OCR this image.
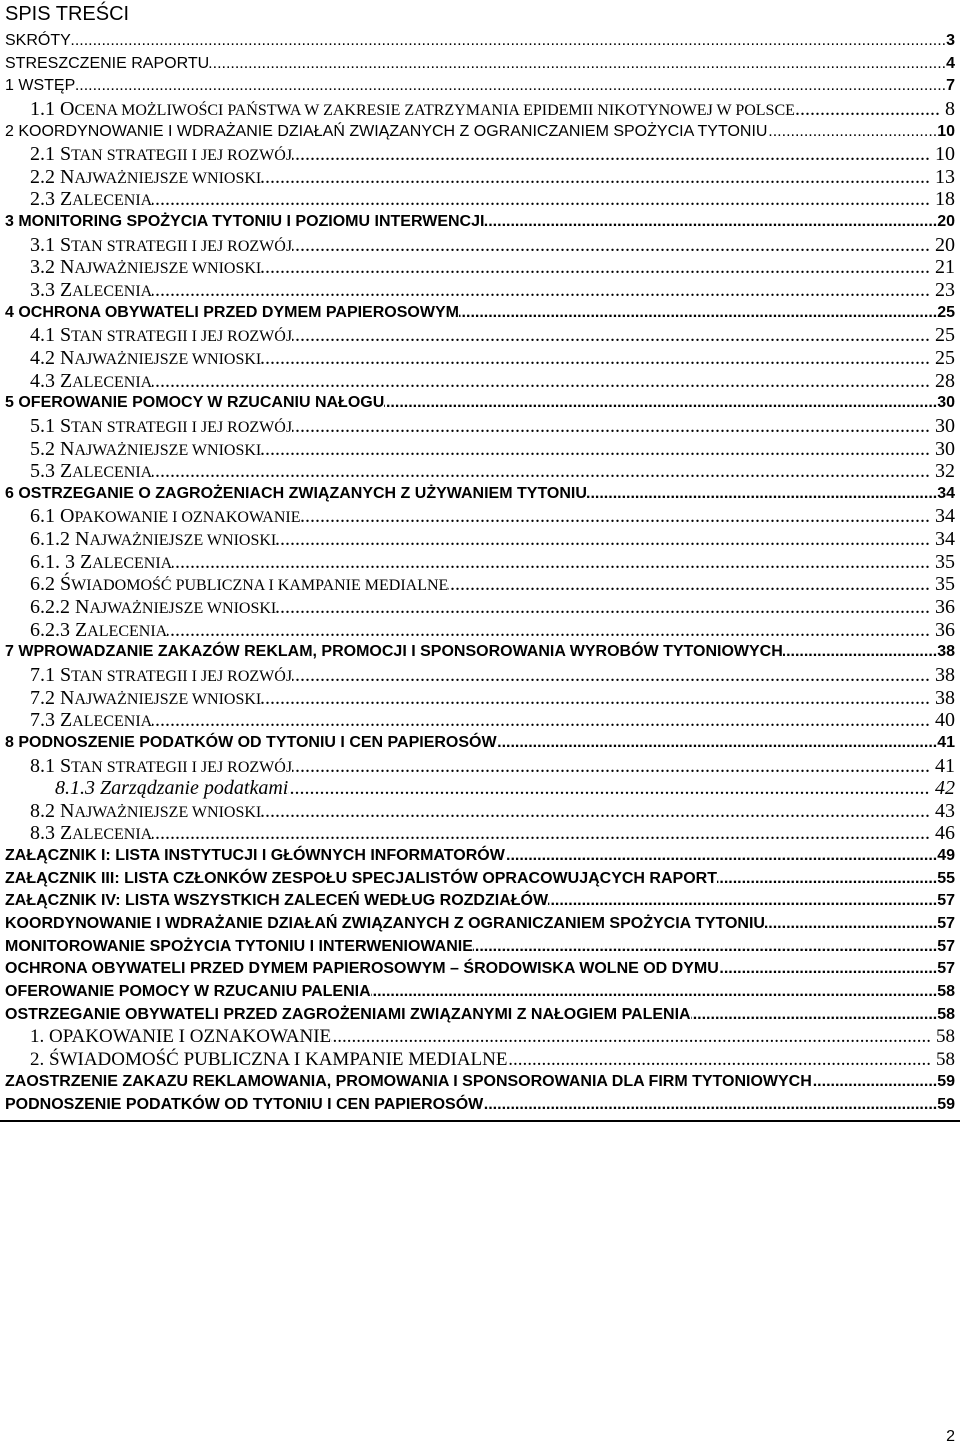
SPIS TREŚCI
SKRÓTY .....	3
STRESZCZENIE RAPORTU .....	4
1 WSTĘP .....	7
1.1 OCENA MOŻLIWOŚCI PAŃSTWA W ZAKRESIE ZATRZYMANIA EPIDEMII NIKOTYNOWEJ W POLSCE .....	8
2 KOORDYNOWANIE I WDRAŻANIE DZIAŁAŃ ZWIĄZANYCH Z OGRANICZANIEM SPOŻYCIA TYTONIU .....	10
2.1 STAN STRATEGII I JEJ ROZWÓJ .....	10
2.2 NAJWAŻNIEJSZE WNIOSKI .....	13
2.3 ZALECENIA .....	18
3 MONITORING SPOŻYCIA TYTONIU I POZIOMU INTERWENCJI .....	20
3.1 STAN STRATEGII I JEJ ROZWÓJ .....	20
3.2 NAJWAŻNIEJSZE WNIOSKI .....	21
3.3 ZALECENIA .....	23
4 OCHRONA OBYWATELI PRZED DYMEM PAPIEROSOWYM .....	25
4.1 STAN STRATEGII I JEJ ROZWÓJ .....	25
4.2 NAJWAŻNIEJSZE WNIOSKI .....	25
4.3 ZALECENIA .....	28
5 OFEROWANIE POMOCY W RZUCANIU NAŁOGU .....	30
5.1 STAN STRATEGII I JEJ ROZWÓJ .....	30
5.2 NAJWAŻNIEJSZE WNIOSKI .....	30
5.3 ZALECENIA .....	32
6 OSTRZEGANIE O ZAGROŻENIACH ZWIĄZANYCH Z UŻYWANIEM TYTONIU .....	34
6.1 OPAKOWANIE I OZNAKOWANIE .....	34
6.1.2 NAJWAŻNIEJSZE WNIOSKI .....	34
6.1. 3 ZALECENIA .....	35
6.2 ŚWIADOMOŚĆ PUBLICZNA I KAMPANIE MEDIALNE .....	35
6.2.2 NAJWAŻNIEJSZE WNIOSKI .....	36
6.2.3 ZALECENIA .....	36
7 WPROWADZANIE ZAKAZÓW REKLAM, PROMOCJI I SPONSOROWANIA WYROBÓW TYTONIOWYCH .....	38
7.1 STAN STRATEGII I JEJ ROZWÓJ .....	38
7.2 NAJWAŻNIEJSZE WNIOSKI .....	38
7.3 ZALECENIA .....	40
8 PODNOSZENIE PODATKÓW OD TYTONIU I CEN PAPIEROSÓW .....	41
8.1 STAN STRATEGII I JEJ ROZWÓJ .....	41
8.1.3 Zarządzanie podatkami .....	42
8.2 NAJWAŻNIEJSZE WNIOSKI .....	43
8.3 ZALECENIA .....	46
ZAŁĄCZNIK I: LISTA INSTYTUCJI I GŁÓWNYCH INFORMATORÓW .....	49
ZAŁĄCZNIK III: LISTA CZŁONKÓW ZESPOŁU SPECJALISTÓW OPRACOWUJĄCYCH RAPORT .....	55
ZAŁĄCZNIK IV: LISTA WSZYSTKICH ZALECEŃ WEDŁUG ROZDZIAŁÓW .....	57
KOORDYNOWANIE I WDRAŻANIE DZIAŁAŃ ZWIĄZANYCH Z OGRANICZANIEM SPOŻYCIA TYTONIU .....	57
MONITOROWANIE SPOŻYCIA TYTONIU I INTERWENIOWANIE .....	57
OCHRONA OBYWATELI PRZED DYMEM PAPIEROSOWYM – ŚRODOWISKA WOLNE OD DYMU .....	57
OFEROWANIE POMOCY W RZUCANIU PALENIA .....	58
OSTRZEGANIE OBYWATELI PRZED ZAGROŻENIAMI ZWIĄZANYMI Z NAŁOGIEM PALENIA .....	58
1. OPAKOWANIE I OZNAKOWANIE .....	58
2. ŚWIADOMOŚĆ PUBLICZNA I KAMPANIE MEDIALNE .....	58
ZAOSTRZENIE ZAKAZU REKLAMOWANIA, PROMOWANIA I SPONSOROWANIA DLA FIRM TYTONIOWYCH .....	59
PODNOSZENIE PODATKÓW OD TYTONIU I CEN PAPIEROSÓW .....	59
2
